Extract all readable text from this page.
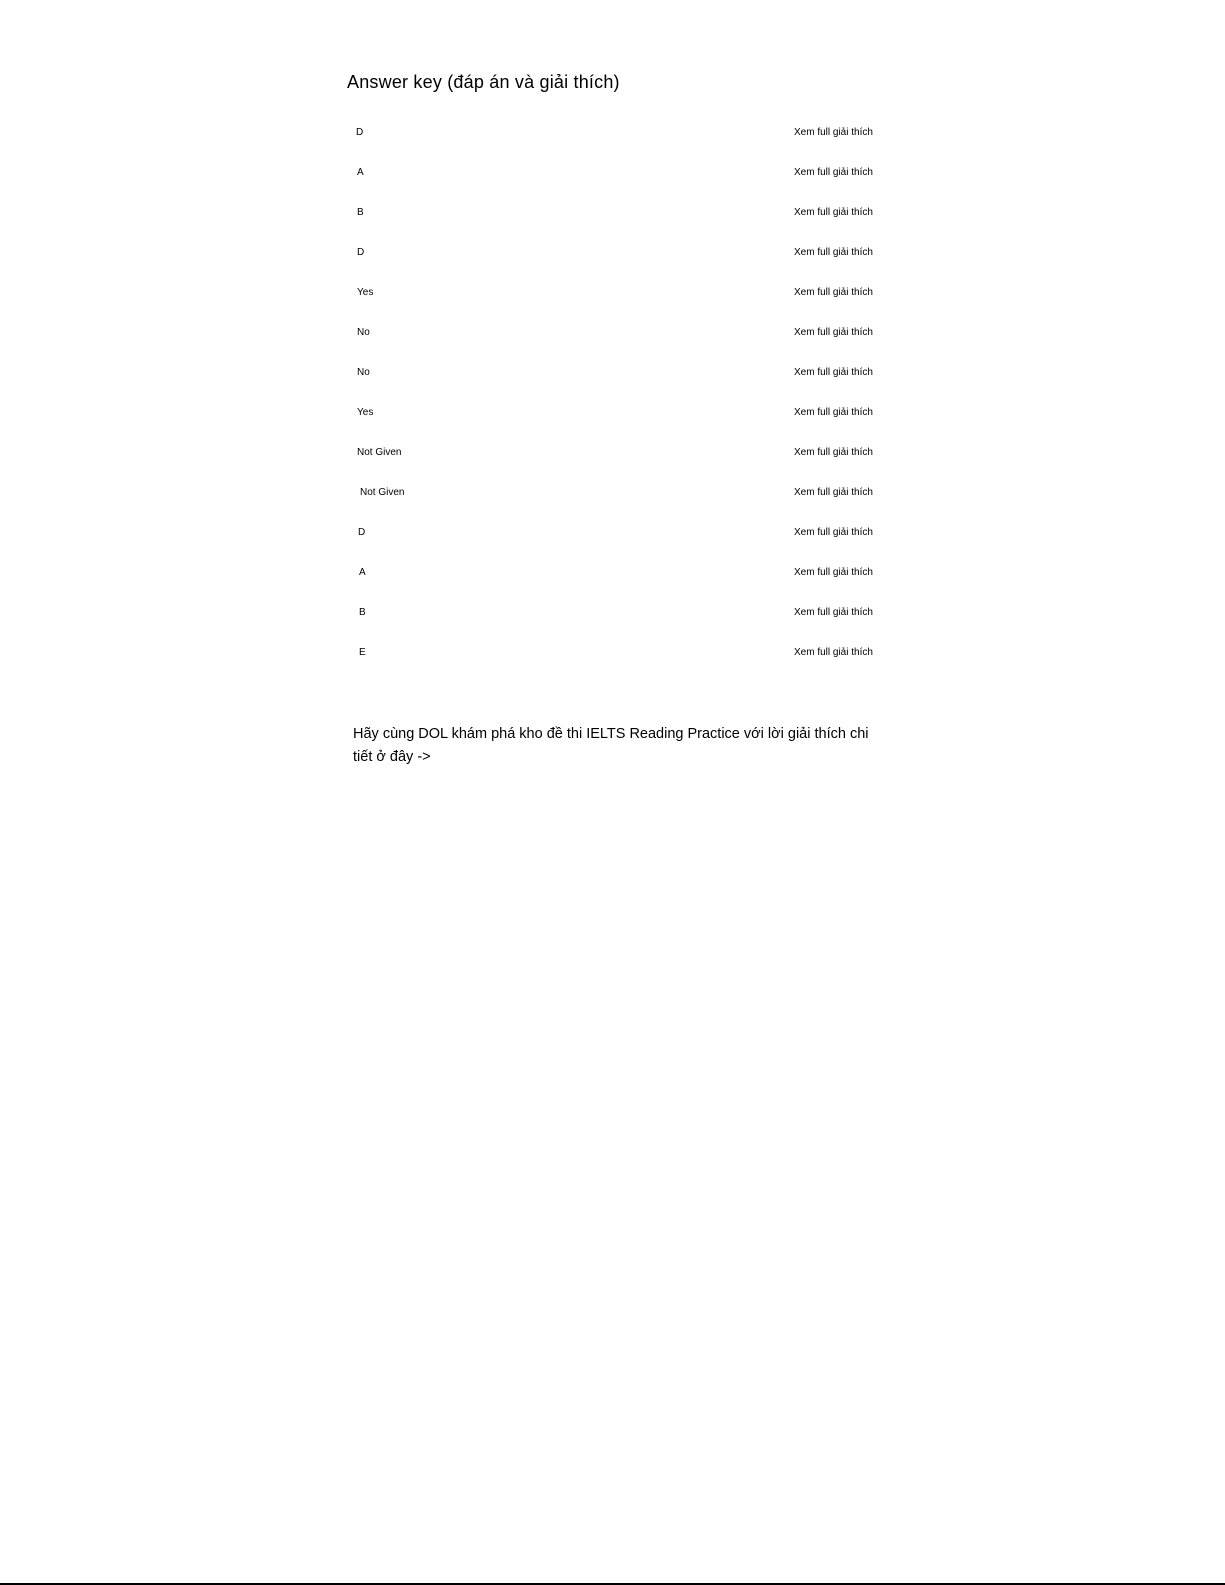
Answer key (đáp án và giải thích)
D	Xem full giải thích
A	Xem full giải thích
B	Xem full giải thích
D	Xem full giải thích
Yes	Xem full giải thích
No	Xem full giải thích
No	Xem full giải thích
Yes	Xem full giải thích
Not Given	Xem full giải thích
Not Given	Xem full giải thích
D	Xem full giải thích
A	Xem full giải thích
B	Xem full giải thích
E	Xem full giải thích

Hãy cùng DOL khám phá kho đề thi IELTS Reading Practice với lời giải thích chi tiết ở đây ->
